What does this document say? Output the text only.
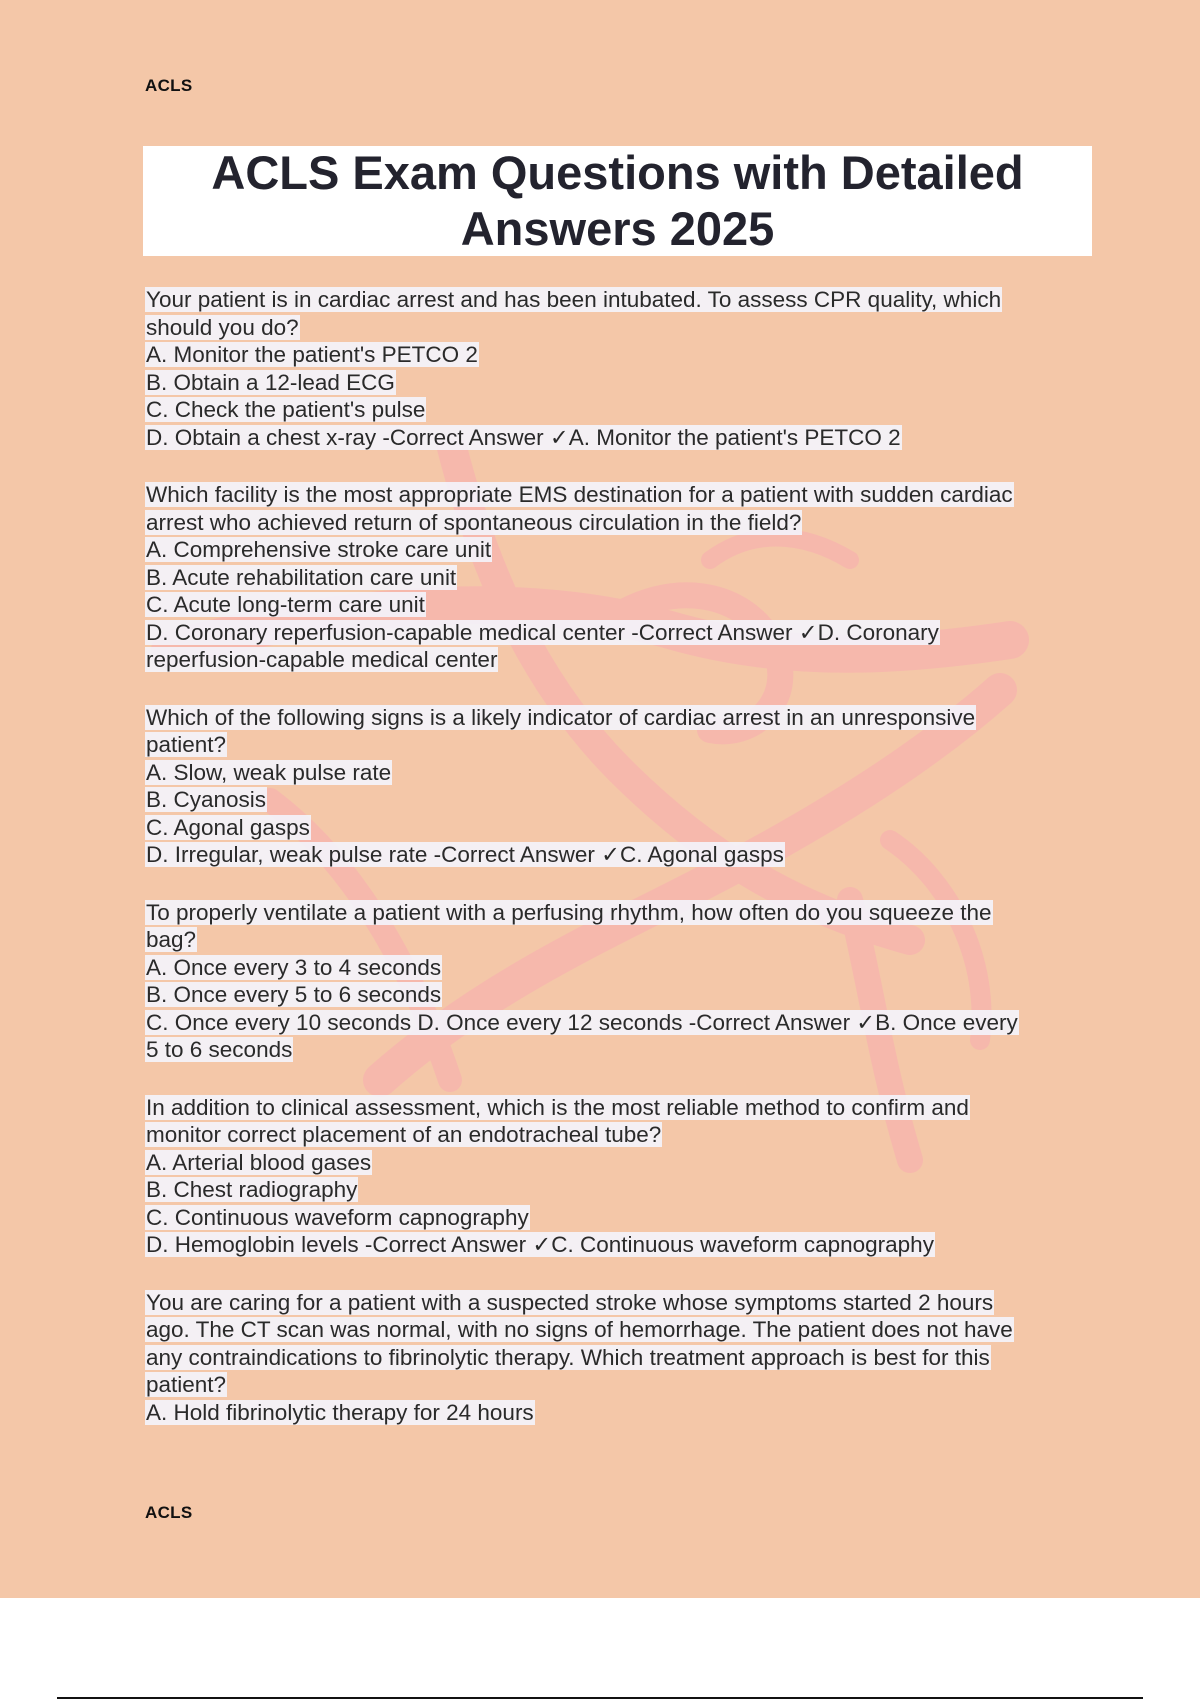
ACLS
ACLS Exam Questions with Detailed Answers 2025
Your patient is in cardiac arrest and has been intubated. To assess CPR quality, which
should you do?
A. Monitor the patient's PETCO 2
B. Obtain a 12-lead ECG
C. Check the patient's pulse
D. Obtain a chest x-ray -Correct Answer ✓A. Monitor the patient's PETCO 2
Which facility is the most appropriate EMS destination for a patient with sudden cardiac
arrest who achieved return of spontaneous circulation in the field?
A. Comprehensive stroke care unit
B. Acute rehabilitation care unit
C. Acute long-term care unit
D. Coronary reperfusion-capable medical center -Correct Answer ✓D. Coronary
reperfusion-capable medical center
Which of the following signs is a likely indicator of cardiac arrest in an unresponsive
patient?
A. Slow, weak pulse rate
B. Cyanosis
C. Agonal gasps
D. Irregular, weak pulse rate -Correct Answer ✓C. Agonal gasps
To properly ventilate a patient with a perfusing rhythm, how often do you squeeze the
bag?
A. Once every 3 to 4 seconds
B. Once every 5 to 6 seconds
C. Once every 10 seconds D. Once every 12 seconds -Correct Answer ✓B. Once every
5 to 6 seconds
In addition to clinical assessment, which is the most reliable method to confirm and
monitor correct placement of an endotracheal tube?
A. Arterial blood gases
B. Chest radiography
C. Continuous waveform capnography
D. Hemoglobin levels -Correct Answer ✓C. Continuous waveform capnography
You are caring for a patient with a suspected stroke whose symptoms started 2 hours
ago. The CT scan was normal, with no signs of hemorrhage. The patient does not have
any contraindications to fibrinolytic therapy. Which treatment approach is best for this
patient?
A. Hold fibrinolytic therapy for 24 hours
ACLS
